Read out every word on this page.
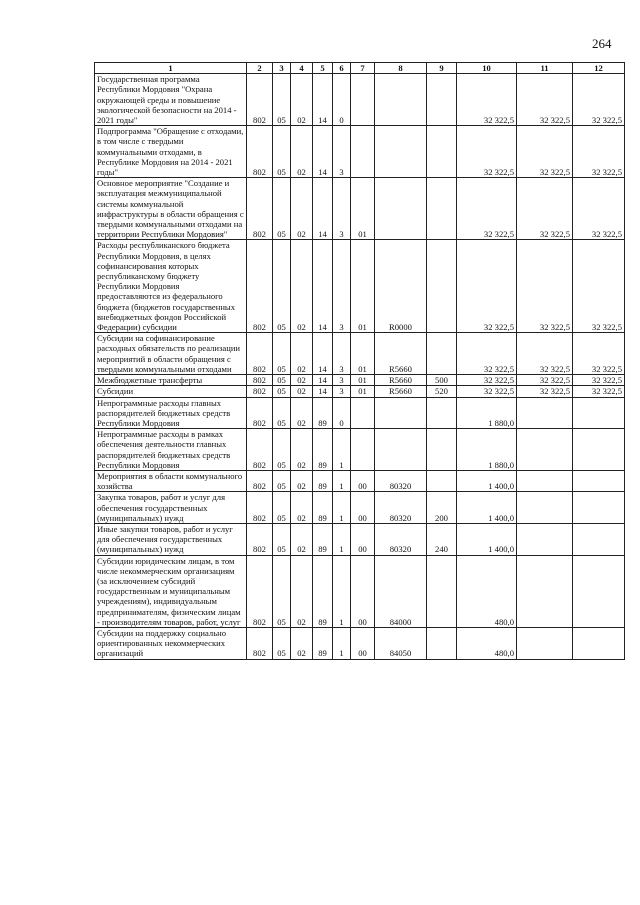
264
1	2	3	4	5	6	7	8	9	10	11	12
Государственная программа Республики Мордовия "Охрана окружающей среды и повышение экологической безопасности на 2014 - 2021 годы"	802	05	02	14	0				32 322,5	32 322,5	32 322,5
Подпрограмма "Обращение с отходами, в том числе с твердыми коммунальными отходами, в Республике Мордовия на 2014 - 2021 годы"	802	05	02	14	3				32 322,5	32 322,5	32 322,5
Основное мероприятие "Создание и эксплуатация межмуниципальной системы коммунальной инфраструктуры в области обращения с твердыми коммунальными отходами на территории Республики Мордовия"	802	05	02	14	3	01			32 322,5	32 322,5	32 322,5
Расходы республиканского бюджета Республики Мордовия, в целях софинансирования которых республиканскому бюджету Республики Мордовия предоставляются из федерального бюджета (бюджетов государственных внебюджетных фондов Российской Федерации) субсидии	802	05	02	14	3	01	R0000		32 322,5	32 322,5	32 322,5
Субсидии на софинансирование расходных обязательств по реализации мероприятий в области обращения с твердыми коммунальными отходами	802	05	02	14	3	01	R5660		32 322,5	32 322,5	32 322,5
Межбюджетные трансферты	802	05	02	14	3	01	R5660	500	32 322,5	32 322,5	32 322,5
Субсидии	802	05	02	14	3	01	R5660	520	32 322,5	32 322,5	32 322,5
Непрограммные расходы главных распорядителей бюджетных средств Республики Мордовия	802	05	02	89	0				1 880,0		
Непрограммные расходы в рамках обеспечения деятельности главных распорядителей бюджетных средств Республики Мордовия	802	05	02	89	1				1 880,0		
Мероприятия в области коммунального хозяйства	802	05	02	89	1	00	80320		1 400,0		
Закупка товаров, работ и услуг для обеспечения государственных (муниципальных) нужд	802	05	02	89	1	00	80320	200	1 400,0		
Иные закупки товаров, работ и услуг для обеспечения государственных (муниципальных) нужд	802	05	02	89	1	00	80320	240	1 400,0		
Субсидии юридическим лицам, в том числе некоммерческим организациям (за исключением субсидий государственным и муниципальным учреждениям), индивидуальным предпринимателям, физическим лицам - производителям товаров, работ, услуг	802	05	02	89	1	00	84000		480,0		
Субсидии на поддержку социально ориентированных некоммерческих организаций	802	05	02	89	1	00	84050		480,0		
